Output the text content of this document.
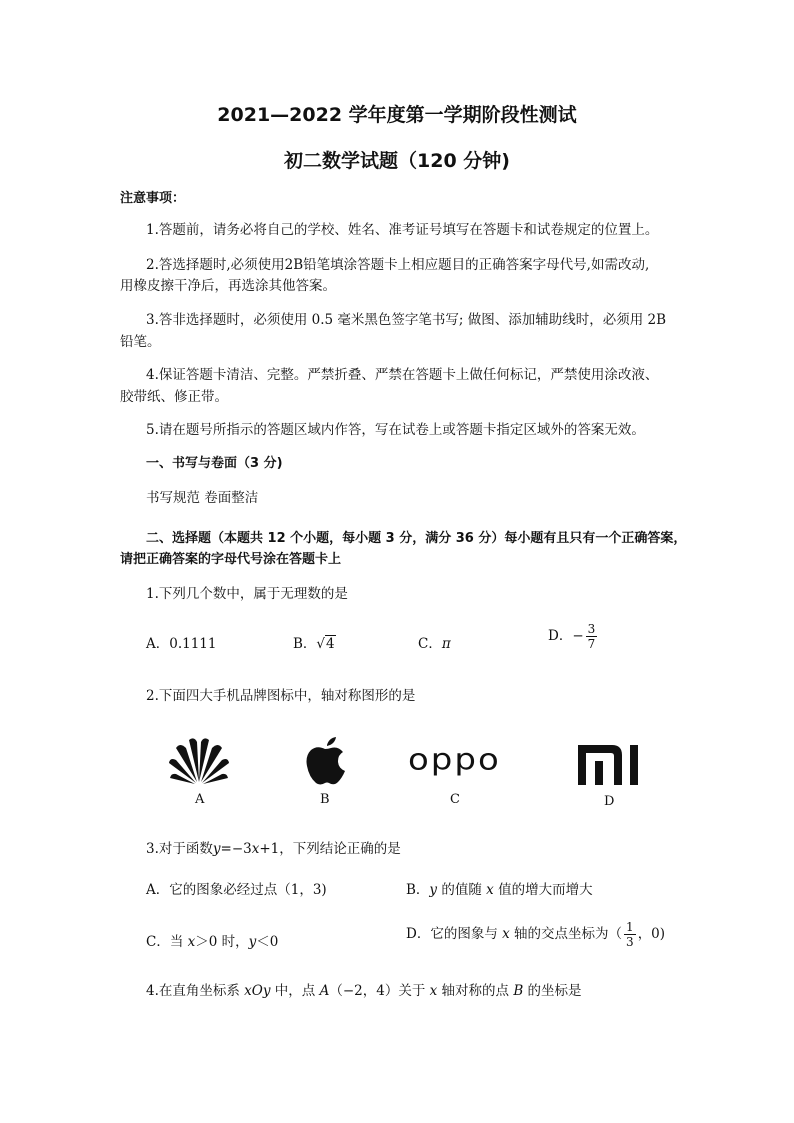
2021—2022 学年度第一学期阶段性测试
初二数学试题（120 分钟)
注意事项：
1.答题前，请务必将自己的学校、姓名、准考证号填写在答题卡和试卷规定的位置上。
2.答选择题时,必须使用2B铅笔填涂答题卡上相应题目的正确答案字母代号,如需改动,
用橡皮擦干净后，再选涂其他答案。
3.答非选择题时，必须使用 0.5 毫米黑色签字笔书写; 做图、添加辅助线时，必须用 2B
铅笔。
4.保证答题卡清洁、完整。严禁折叠、严禁在答题卡上做任何标记，严禁使用涂改液、
胶带纸、修正带。
5.请在题号所指示的答题区域内作答，写在试卷上或答题卡指定区域外的答案无效。
一、书写与卷面（3 分)
书写规范 卷面整洁
二、选择题（本题共 12 个小题，每小题 3 分，满分 36 分）每小题有且只有一个正确答案，
请把正确答案的字母代号涂在答题卡上
1.下列几个数中，属于无理数的是
A．0.1111	B．√4	C．π	D．− $\frac{3}{7}$
2.下面四大手机品牌图标中，轴对称图形的是
A	B
oppo
C	D
3.对于函数y=−3x+1，下列结论正确的是
A．它的图象必经过点（1，3)	B．y 的值随 x 值的增大而增大
C．当 x＞0 时，y＜0	D．它的图象与 x 轴的交点坐标为（ $\frac{1}{3}$ ，0)
4.在直角坐标系 xOy 中，点 A（−2，4）关于 x 轴对称的点 B 的坐标是
